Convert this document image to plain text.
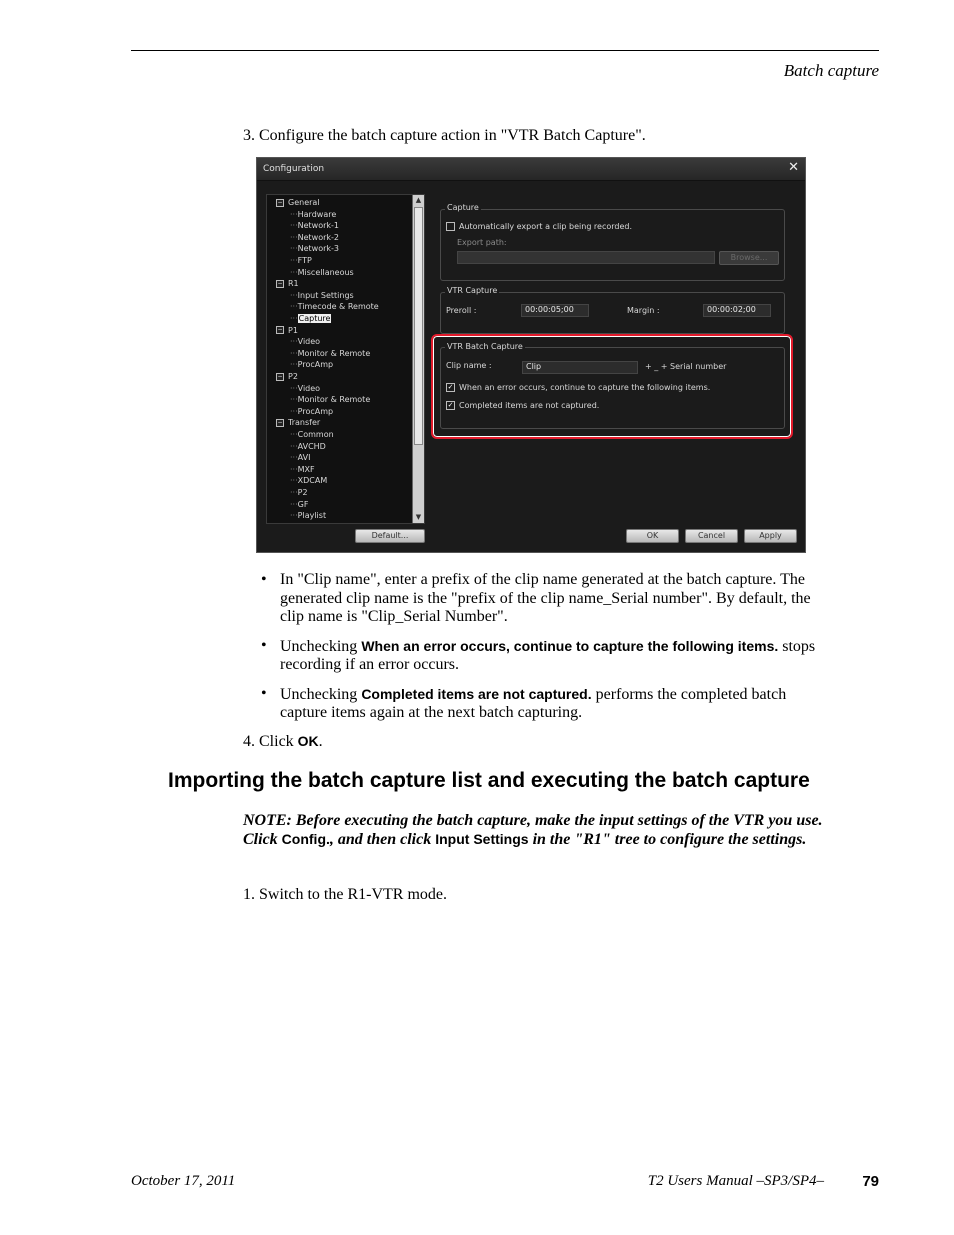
Batch capture
3. Configure the batch capture action in "VTR Batch Capture".
Configuration	✕
▲
▼
− General
···Hardware
···Network-1
···Network-2
···Network-3
···FTP
···Miscellaneous
− R1
···Input Settings
···Timecode & Remote
···Capture
− P1
···Video
···Monitor & Remote
···ProcAmp
− P2
···Video
···Monitor & Remote
···ProcAmp
− Transfer
···Common
···AVCHD
···AVI
···MXF
···XDCAM
···P2
···GF
···Playlist
Capture
Automatically export a clip being recorded.
Export path:
Browse...
VTR Capture
Preroll :	00:00:05;00	Margin :	00:00:02;00
VTR Batch Capture
Clip name :	Clip	+ _ + Serial number
✓ When an error occurs, continue to capture the following items.
✓ Completed items are not captured.
Default...	OK	Cancel	Apply
• In "Clip name", enter a prefix of the clip name generated at the batch capture. The generated clip name is the "prefix of the clip name_Serial number". By default, the clip name is "Clip_Serial Number".
• Unchecking When an error occurs, continue to capture the following items. stops recording if an error occurs.
• Unchecking Completed items are not captured. performs the completed batch capture items again at the next batch capturing.
4. Click OK.
Importing the batch capture list and executing the batch capture
NOTE: Before executing the batch capture, make the input settings of the VTR you use. Click Config., and then click Input Settings in the "R1" tree to configure the settings.
1. Switch to the R1-VTR mode.
October 17, 2011	T2 Users Manual –SP3/SP4–	79
